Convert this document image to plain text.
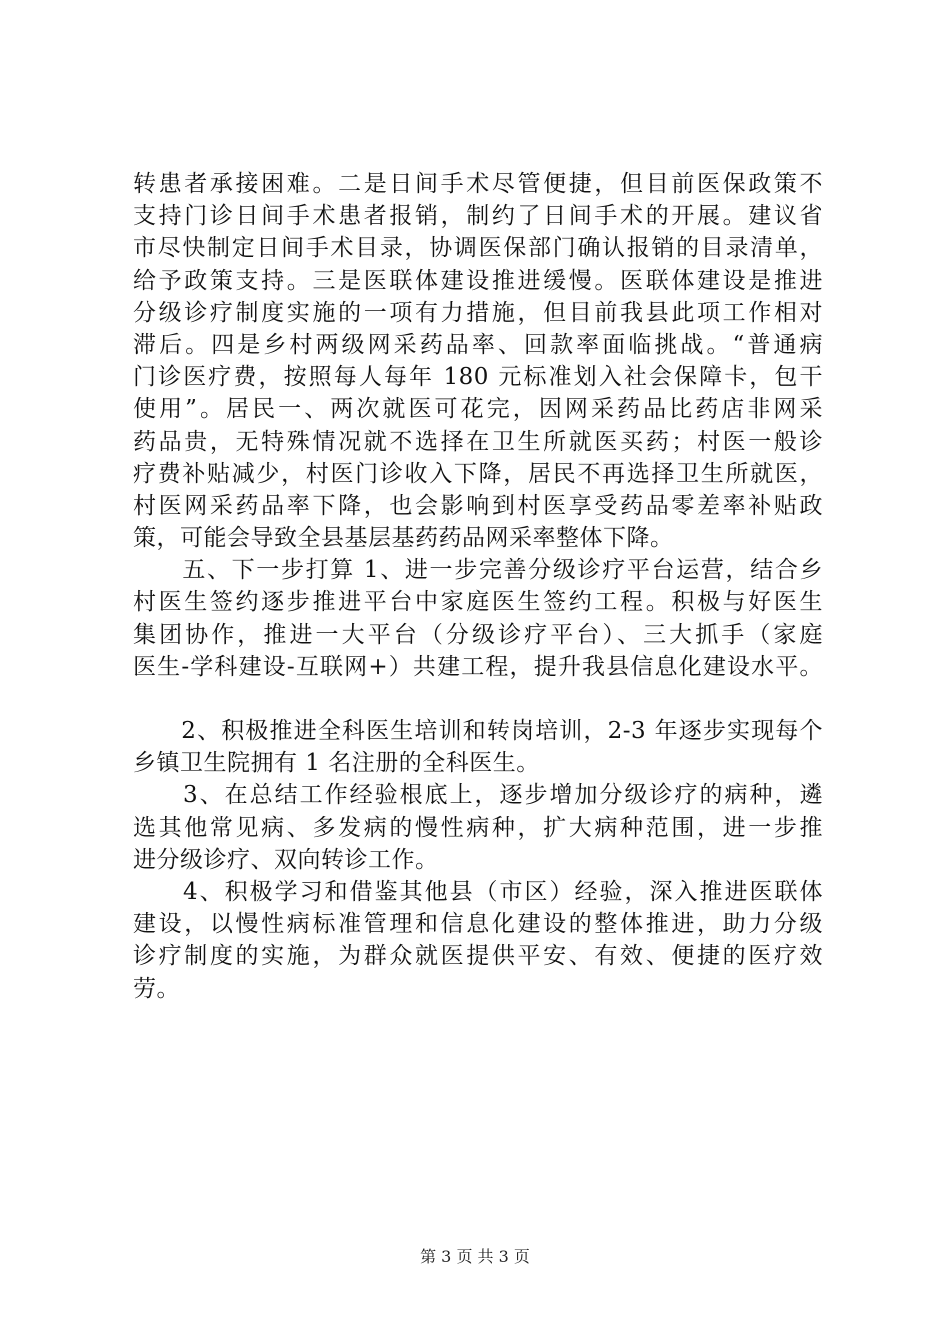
转患者承接困难。二是日间手术尽管便捷，但目前医保政策不
支持门诊日间手术患者报销，制约了日间手术的开展。建议省
市尽快制定日间手术目录，协调医保部门确认报销的目录清单，
给予政策支持。三是医联体建设推进缓慢。医联体建设是推进
分级诊疗制度实施的一项有力措施，但目前我县此项工作相对
滞后。四是乡村两级网采药品率、回款率面临挑战。“普通病
门诊医疗费，按照每人每年 180 元标准划入社会保障卡，包干
使用”。居民一、两次就医可花完，因网采药品比药店非网采
药品贵，无特殊情况就不选择在卫生所就医买药；村医一般诊
疗费补贴减少，村医门诊收入下降，居民不再选择卫生所就医，
村医网采药品率下降，也会影响到村医享受药品零差率补贴政
策，可能会导致全县基层基药药品网采率整体下降。
　　五、下一步打算 1、进一步完善分级诊疗平台运营，结合乡
村医生签约逐步推进平台中家庭医生签约工程。积极与好医生
集团协作，推进一大平台（分级诊疗平台）、三大抓手（家庭
医生-学科建设-互联网+）共建工程，提升我县信息化建设水平。
　　2、积极推进全科医生培训和转岗培训，2-3 年逐步实现每个
乡镇卫生院拥有 1 名注册的全科医生。
　　3、在总结工作经验根底上，逐步增加分级诊疗的病种，遴
选其他常见病、多发病的慢性病种，扩大病种范围，进一步推
进分级诊疗、双向转诊工作。
　　4、积极学习和借鉴其他县（市区）经验，深入推进医联体
建设，以慢性病标准管理和信息化建设的整体推进，助力分级
诊疗制度的实施，为群众就医提供平安、有效、便捷的医疗效
劳。
第 3 页 共 3 页
